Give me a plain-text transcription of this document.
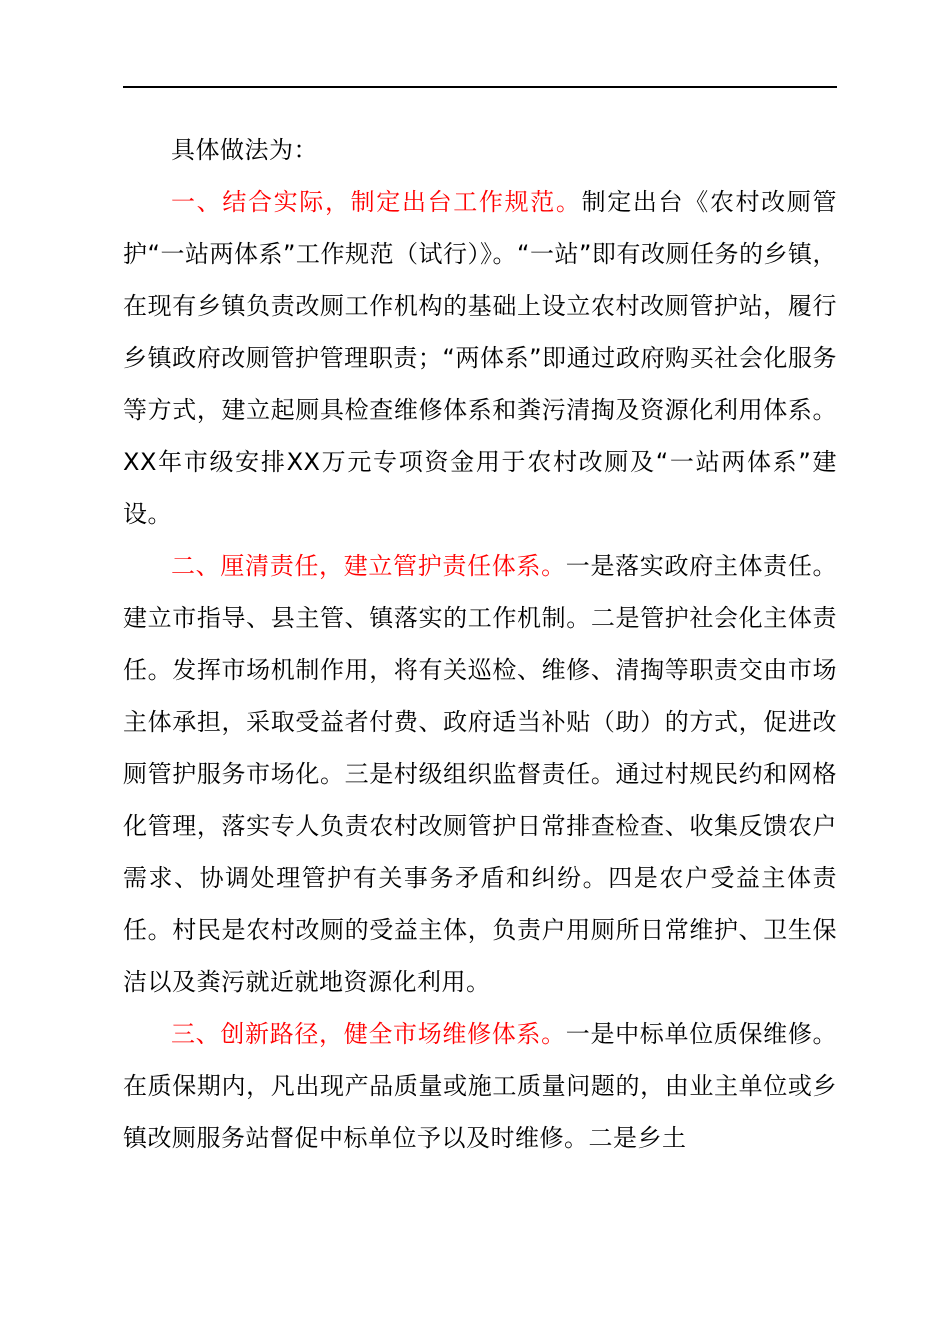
具体做法为：

一、结合实际，制定出台工作规范。制定出台《农村改厕管护“一站两体系”工作规范（试行）》。“一站”即有改厕任务的乡镇，在现有乡镇负责改厕工作机构的基础上设立农村改厕管护站，履行乡镇政府改厕管护管理职责；“两体系”即通过政府购买社会化服务等方式，建立起厕具检查维修体系和粪污清掏及资源化利用体系。XX年市级安排XX万元专项资金用于农村改厕及“一站两体系”建设。

二、厘清责任，建立管护责任体系。一是落实政府主体责任。建立市指导、县主管、镇落实的工作机制。二是管护社会化主体责任。发挥市场机制作用，将有关巡检、维修、清掏等职责交由市场主体承担，采取受益者付费、政府适当补贴（助）的方式，促进改厕管护服务市场化。三是村级组织监督责任。通过村规民约和网格化管理，落实专人负责农村改厕管护日常排查检查、收集反馈农户需求、协调处理管护有关事务矛盾和纠纷。四是农户受益主体责任。村民是农村改厕的受益主体，负责户用厕所日常维护、卫生保洁以及粪污就近就地资源化利用。

三、创新路径，健全市场维修体系。一是中标单位质保维修。在质保期内，凡出现产品质量或施工质量问题的，由业主单位或乡镇改厕服务站督促中标单位予以及时维修。二是乡土
